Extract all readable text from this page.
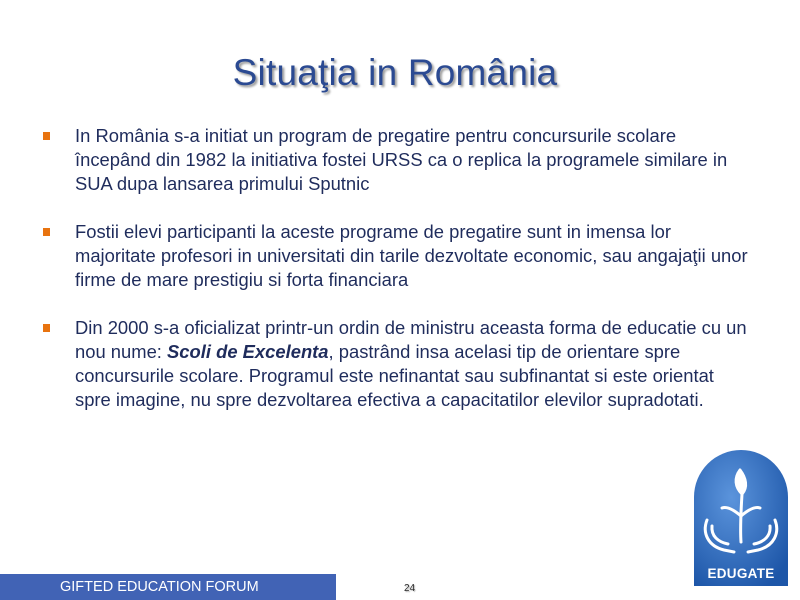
Situaţia in România
In România s-a initiat un program de pregatire pentru concursurile scolare începând din 1982 la initiativa fostei URSS ca o replica la programele similare in SUA dupa lansarea primului Sputnic
Fostii elevi participanti la aceste programe de pregatire sunt in imensa lor majoritate profesori in universitati din tarile dezvoltate economic, sau angajaţii unor firme de mare prestigiu si forta financiara
Din 2000 s-a oficializat printr-un ordin de ministru aceasta forma de educatie cu un nou nume: Scoli de Excelenta, pastrând insa acelasi tip de orientare spre concursurile scolare. Programul este nefinantat sau subfinantat si este orientat spre imagine, nu spre dezvoltarea efectiva a capacitatilor elevilor supradotati.
GIFTED EDUCATION FORUM	24
EDUGATE
